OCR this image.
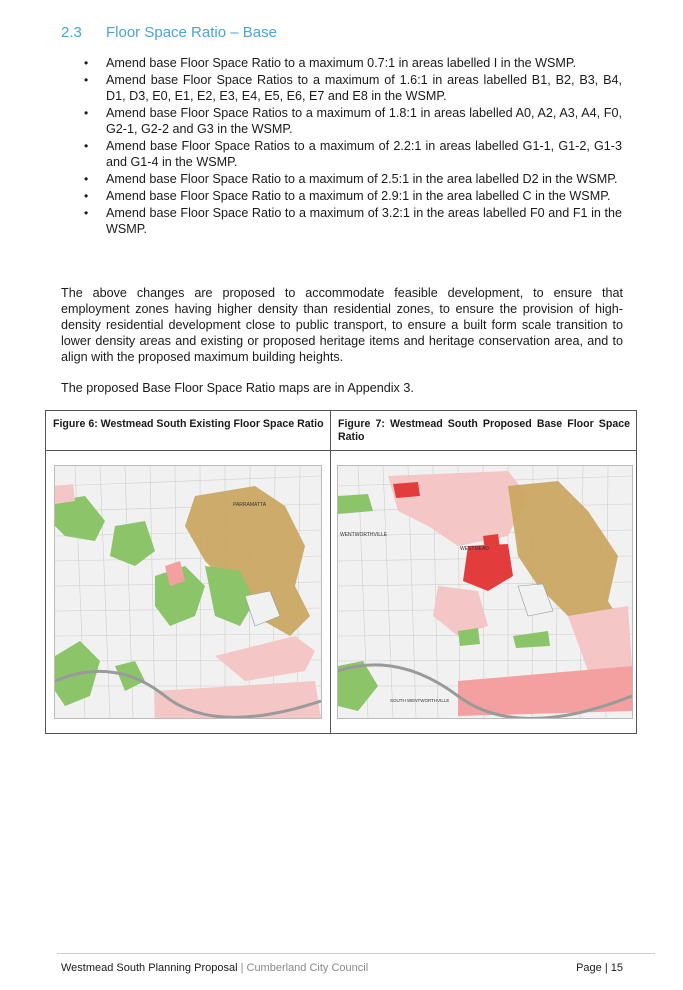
2.3 Floor Space Ratio – Base
• Amend base Floor Space Ratio to a maximum 0.7:1 in areas labelled I in the WSMP.
• Amend base Floor Space Ratios to a maximum of 1.6:1 in areas labelled B1, B2, B3, B4, D1, D3, E0, E1, E2, E3, E4, E5, E6, E7 and E8 in the WSMP.
• Amend base Floor Space Ratios to a maximum of 1.8:1 in areas labelled A0, A2, A3, A4, F0, G2-1, G2-2 and G3 in the WSMP.
• Amend base Floor Space Ratios to a maximum of 2.2:1 in areas labelled G1-1, G1-2, G1-3 and G1-4 in the WSMP.
• Amend base Floor Space Ratio to a maximum of 2.5:1 in the area labelled D2 in the WSMP.
• Amend base Floor Space Ratio to a maximum of 2.9:1 in the area labelled C in the WSMP.
• Amend base Floor Space Ratio to a maximum of 3.2:1 in the areas labelled F0 and F1 in the WSMP.

The above changes are proposed to accommodate feasible development, to ensure that employment zones having higher density than residential zones, to ensure the provision of high-density residential development close to public transport, to ensure a built form scale transition to lower density areas and existing or proposed heritage items and heritage conservation area, and to align with the proposed maximum building heights.

The proposed Base Floor Space Ratio maps are in Appendix 3.

Figure 6: Westmead South Existing Floor Space Ratio
PARRAMATTA
Figure 7: Westmead South Proposed Base Floor Space Ratio
WENTWORTHVILLE
WESTMEAD
SOUTH WENTWORTHVILLE
Westmead South Planning Proposal | Cumberland City Council	Page | 15
